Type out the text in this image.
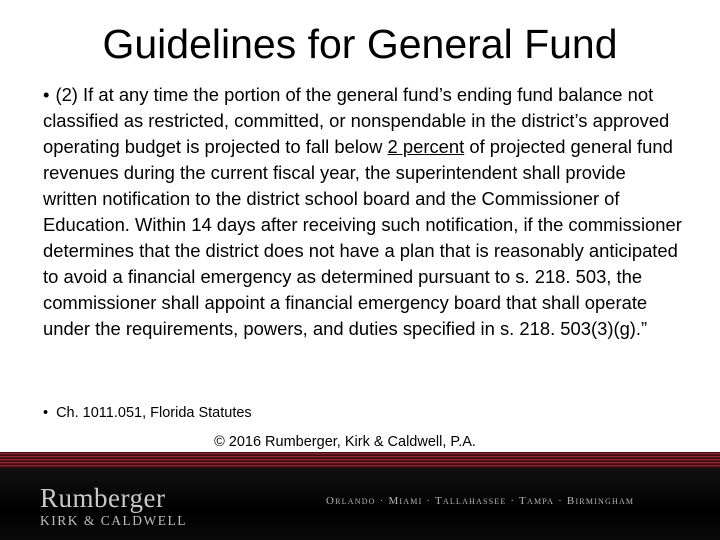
Guidelines for General Fund

• (2) If at any time the portion of the general fund’s ending fund balance not classified as restricted, committed, or nonspendable in the district’s approved operating budget is projected to fall below 2 percent of projected general fund revenues during the current fiscal year, the superintendent shall provide written notification to the district school board and the Commissioner of Education. Within 14 days after receiving such notification, if the commissioner determines that the district does not have a plan that is reasonably anticipated to avoid a financial emergency as determined pursuant to s. 218. 503, the commissioner shall appoint a financial emergency board that shall operate under the requirements, powers, and duties specified in s. 218. 503(3)(g).”

• Ch. 1011.051, Florida Statutes

© 2016 Rumberger, Kirk & Caldwell, P.A.

Rumberger
KIRK & CALDWELL
Orlando · Miami · Tallahassee · Tampa · Birmingham
